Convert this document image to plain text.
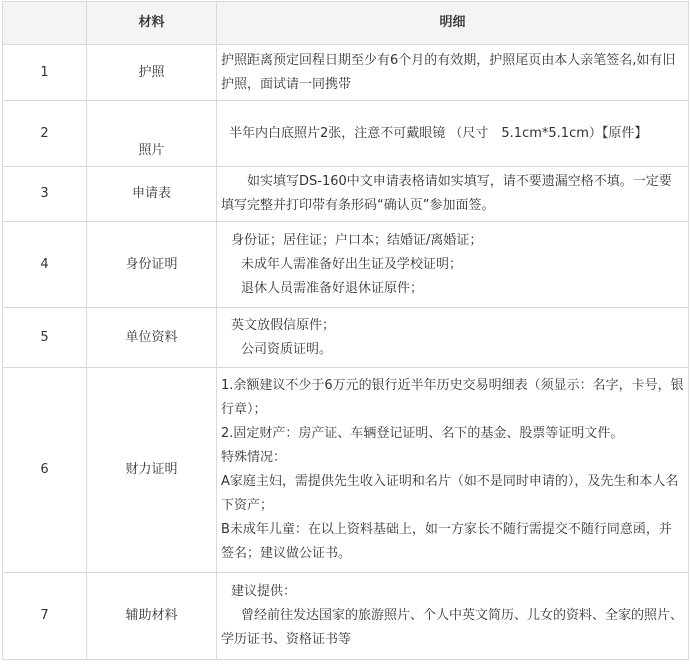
	材料	明细
1	护照	护照距离预定回程日期至少有6个月的有效期，护照尾页由本人亲笔签名,如有旧护照，面试请一同携带
2	照片	半年内白底照片2张，注意不可戴眼镜 （尺寸　5.1cm*5.1cm）【原件】
3	申请表	如实填写DS-160中文申请表格请如实填写，请不要遗漏空格不填。一定要填写完整并打印带有条形码“确认页”参加面签。
4	身份证明	身份证；居住证；户口本；结婚证/离婚证；
未成年人需准备好出生证及学校证明；
退休人员需准备好退休证原件；

5	单位资料	英文放假信原件；
公司资质证明。

6	财力证明	1.余额建议不少于6万元的银行近半年历史交易明细表（须显示：名字，卡号，银行章）；
2.固定财产：房产证、车辆登记证明、名下的基金、股票等证明文件。
特殊情况：
A家庭主妇，需提供先生收入证明和名片（如不是同时申请的），及先生和本人名下资产；
B未成年儿童：在以上资料基础上，如一方家长不随行需提交不随行同意函，并签名；建议做公证书。

7	辅助材料	建议提供：
曾经前往发达国家的旅游照片、个人中英文简历、儿女的资料、全家的照片、学历证书、资格证书等
